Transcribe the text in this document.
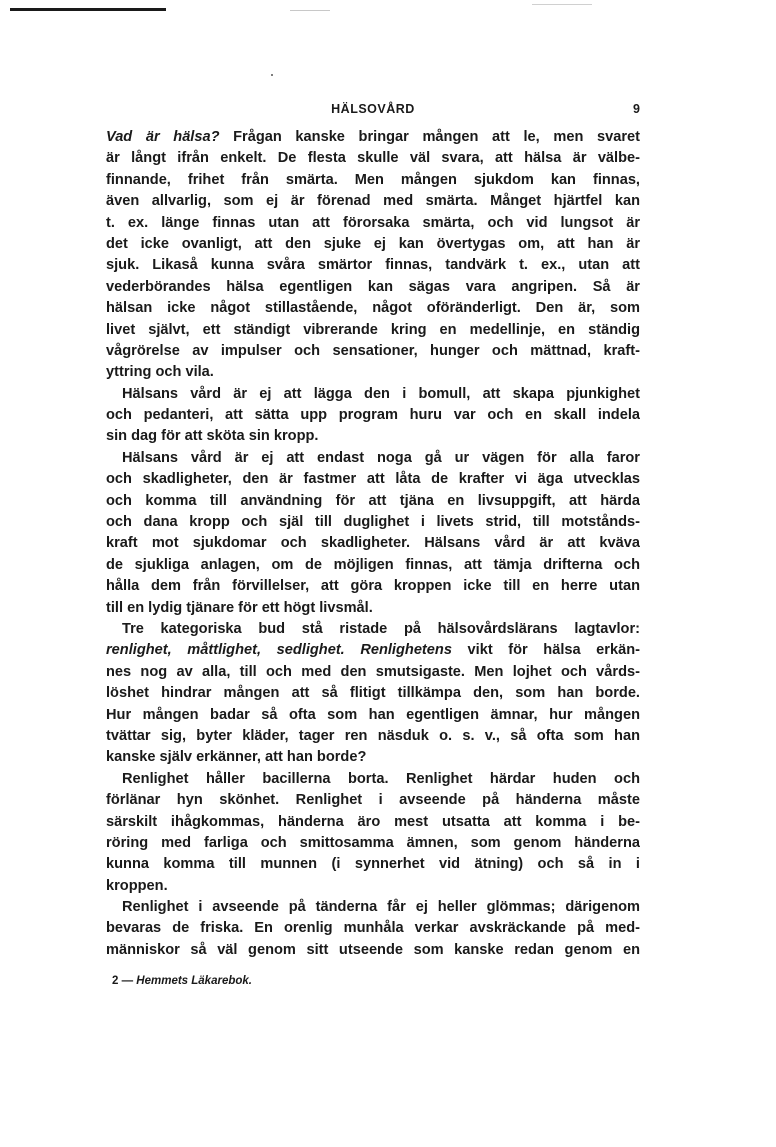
HÄLSOVÅRD	9
Vad är hälsa? Frågan kanske bringar mången att le, men svaret
är långt ifrån enkelt. De flesta skulle väl svara, att hälsa är välbe-
finnande, frihet från smärta. Men mången sjukdom kan finnas,
även allvarlig, som ej är förenad med smärta. Månget hjärtfel kan
t. ex. länge finnas utan att förorsaka smärta, och vid lungsot är
det icke ovanligt, att den sjuke ej kan övertygas om, att han är
sjuk. Likaså kunna svåra smärtor finnas, tandvärk t. ex., utan att
vederbörandes hälsa egentligen kan sägas vara angripen. Så är
hälsan icke något stillastående, något oföränderligt. Den är, som
livet självt, ett ständigt vibrerande kring en medellinje, en ständig
vågrörelse av impulser och sensationer, hunger och mättnad, kraft-
yttring och vila.
Hälsans vård är ej att lägga den i bomull, att skapa pjunkighet
och pedanteri, att sätta upp program huru var och en skall indela
sin dag för att sköta sin kropp.
Hälsans vård är ej att endast noga gå ur vägen för alla faror
och skadligheter, den är fastmer att låta de krafter vi äga utvecklas
och komma till användning för att tjäna en livsuppgift, att härda
och dana kropp och själ till duglighet i livets strid, till motstånds-
kraft mot sjukdomar och skadligheter. Hälsans vård är att kväva
de sjukliga anlagen, om de möjligen finnas, att tämja drifterna och
hålla dem från förvillelser, att göra kroppen icke till en herre utan
till en lydig tjänare för ett högt livsmål.
Tre kategoriska bud stå ristade på hälsovårdslärans lagtavlor:
renlighet, måttlighet, sedlighet. Renlighetens vikt för hälsa erkän-
nes nog av alla, till och med den smutsigaste. Men lojhet och vårds-
löshet hindrar mången att så flitigt tillkämpa den, som han borde.
Hur mången badar så ofta som han egentligen ämnar, hur mången
tvättar sig, byter kläder, tager ren näsduk o. s. v., så ofta som han
kanske själv erkänner, att han borde?
Renlighet håller bacillerna borta. Renlighet härdar huden och
förlänar hyn skönhet. Renlighet i avseende på händerna måste
särskilt ihågkommas, händerna äro mest utsatta att komma i be-
röring med farliga och smittosamma ämnen, som genom händerna
kunna komma till munnen (i synnerhet vid ätning) och så in i
kroppen.
Renlighet i avseende på tänderna får ej heller glömmas; därigenom
bevaras de friska. En orenlig munhåla verkar avskräckande på med-
människor så väl genom sitt utseende som kanske redan genom en
2 — Hemmets Läkarebok.
